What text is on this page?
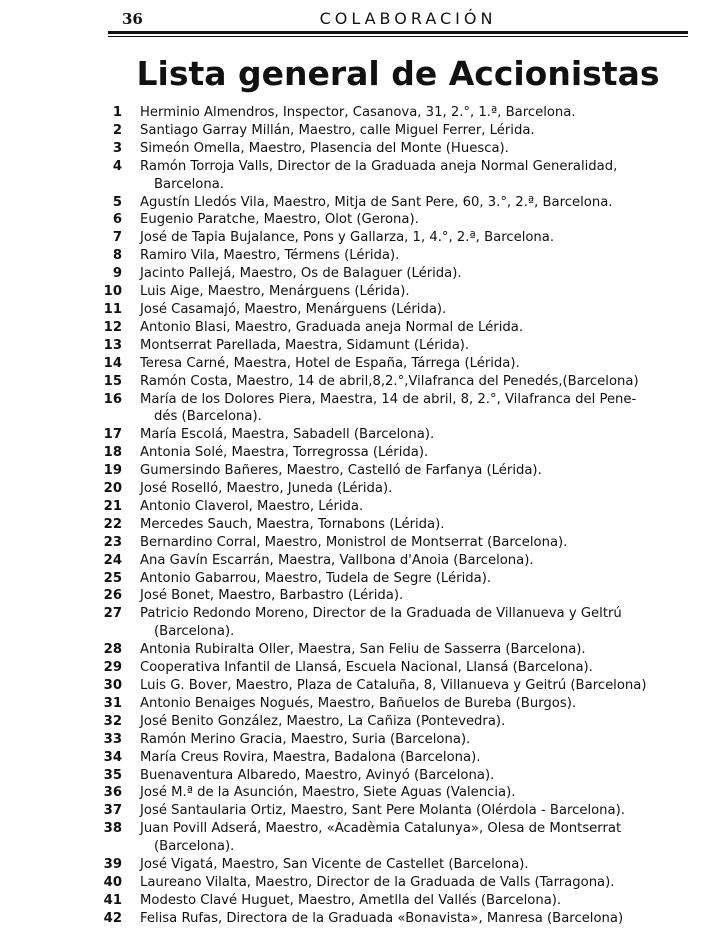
36	COLABORACIÓN
Lista general de Accionistas
1 Herminio Almendros, Inspector, Casanova, 31, 2.°, 1.ª, Barcelona.
2 Santiago Garray Millán, Maestro, calle Miguel Ferrer, Lérida.
3 Simeón Omella, Maestro, Plasencia del Monte (Huesca).
4 Ramón Torroja Valls, Director de la Graduada aneja Normal Generalidad,
Barcelona.
5 Agustín Lledós Vila, Maestro, Mitja de Sant Pere, 60, 3.°, 2.ª, Barcelona.
6 Eugenio Paratche, Maestro, Olot (Gerona).
7 José de Tapia Bujalance, Pons y Gallarza, 1, 4.°, 2.ª, Barcelona.
8 Ramiro Vila, Maestro, Térmens (Lérida).
9 Jacinto Pallejá, Maestro, Os de Balaguer (Lérida).
10 Luis Aige, Maestro, Menárguens (Lérida).
11 José Casamajó, Maestro, Menárguens (Lérida).
12 Antonio Blasi, Maestro, Graduada aneja Normal de Lérida.
13 Montserrat Parellada, Maestra, Sidamunt (Lérida).
14 Teresa Carné, Maestra, Hotel de España, Tárrega (Lérida).
15 Ramón Costa, Maestro, 14 de abril,8,2.°,Vilafranca del Penedés,(Barcelona)
16 María de los Dolores Piera, Maestra, 14 de abril, 8, 2.°, Vilafranca del Pene-
dés (Barcelona).
17 María Escolá, Maestra, Sabadell (Barcelona).
18 Antonia Solé, Maestra, Torregrossa (Lérida).
19 Gumersindo Bañeres, Maestro, Castelló de Farfanya (Lérida).
20 José Roselló, Maestro, Juneda (Lérida).
21 Antonio Claverol, Maestro, Lérida.
22 Mercedes Sauch, Maestra, Tornabons (Lérida).
23 Bernardino Corral, Maestro, Monistrol de Montserrat (Barcelona).
24 Ana Gavín Escarrán, Maestra, Vallbona d'Anoia (Barcelona).
25 Antonio Gabarrou, Maestro, Tudela de Segre (Lérida).
26 José Bonet, Maestro, Barbastro (Lérida).
27 Patricio Redondo Moreno, Director de la Graduada de Villanueva y Geltrú
(Barcelona).
28 Antonia Rubiralta Oller, Maestra, San Feliu de Sasserra (Barcelona).
29 Cooperativa Infantil de Llansá, Escuela Nacional, Llansá (Barcelona).
30 Luis G. Bover, Maestro, Plaza de Cataluña, 8, Villanueva y Geitrú (Barcelona)
31 Antonio Benaiges Nogués, Maestro, Bañuelos de Bureba (Burgos).
32 José Benito González, Maestro, La Cañiza (Pontevedra).
33 Ramón Merino Gracia, Maestro, Suria (Barcelona).
34 María Creus Rovira, Maestra, Badalona (Barcelona).
35 Buenaventura Albaredo, Maestro, Avinyó (Barcelona).
36 José M.ª de la Asunción, Maestro, Siete Aguas (Valencia).
37 José Santaularia Ortiz, Maestro, Sant Pere Molanta (Olérdola - Barcelona).
38 Juan Povill Adserá, Maestro, «Acadèmia Catalunya», Olesa de Montserrat
(Barcelona).
39 José Vigatá, Maestro, San Vicente de Castellet (Barcelona).
40 Laureano Vilalta, Maestro, Director de la Graduada de Valls (Tarragona).
41 Modesto Clavé Huguet, Maestro, Ametlla del Vallés (Barcelona).
42 Felisa Rufas, Directora de la Graduada «Bonavista», Manresa (Barcelona)
